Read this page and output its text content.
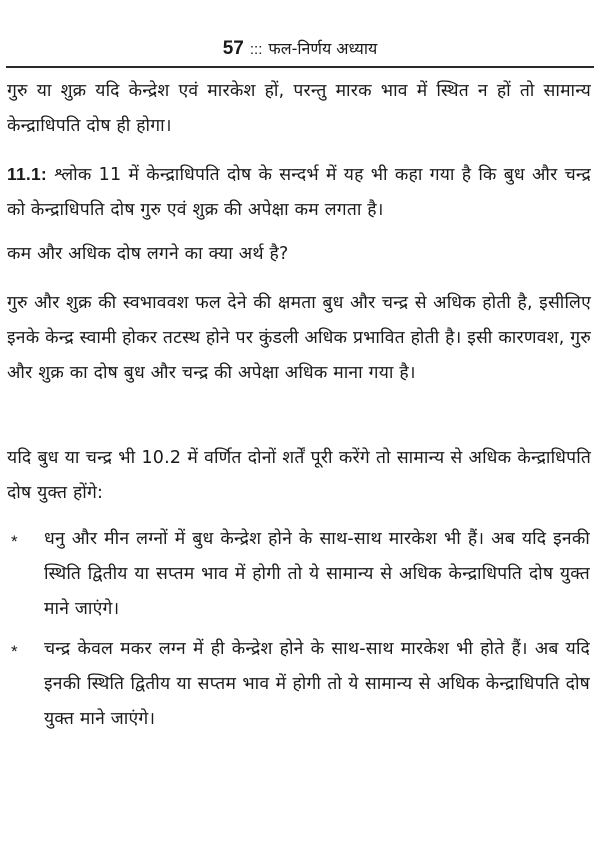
57 ::: फल-निर्णय अध्याय

गुरु या शुक्र यदि केन्द्रेश एवं मारकेश हों, परन्तु मारक भाव में स्थित न हों तो सामान्य केन्द्राधिपति दोष ही होगा।

11.1: श्लोक 11 में केन्द्राधिपति दोष के सन्दर्भ में यह भी कहा गया है कि बुध और चन्द्र को केन्द्राधिपति दोष गुरु एवं शुक्र की अपेक्षा कम लगता है।

कम और अधिक दोष लगने का क्या अर्थ है?

गुरु और शुक्र की स्वभाववश फल देने की क्षमता बुध और चन्द्र से अधिक होती है, इसीलिए इनके केन्द्र स्वामी होकर तटस्थ होने पर कुंडली अधिक प्रभावित होती है। इसी कारणवश, गुरु और शुक्र का दोष बुध और चन्द्र की अपेक्षा अधिक माना गया है।

यदि बुध या चन्द्र भी 10.2 में वर्णित दोनों शर्तें पूरी करेंगे तो सामान्य से अधिक केन्द्राधिपति दोष युक्त होंगे:

* धनु और मीन लग्नों में बुध केन्द्रेश होने के साथ-साथ मारकेश भी हैं। अब यदि इनकी स्थिति द्वितीय या सप्तम भाव में होगी तो ये सामान्य से अधिक केन्द्राधिपति दोष युक्त माने जाएंगे।

* चन्द्र केवल मकर लग्न में ही केन्द्रेश होने के साथ-साथ मारकेश भी होते हैं। अब यदि इनकी स्थिति द्वितीय या सप्तम भाव में होगी तो ये सामान्य से अधिक केन्द्राधिपति दोष युक्त माने जाएंगे।
